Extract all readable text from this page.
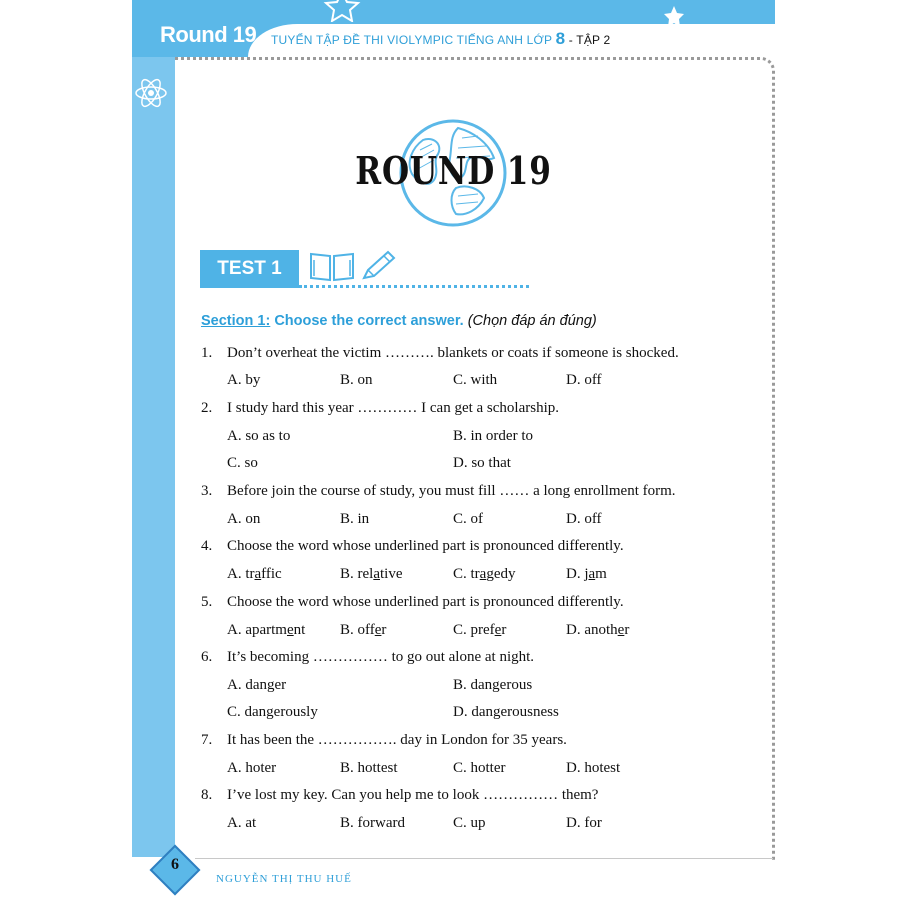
Round 19 TUYỂN TẬP ĐỀ THI VIOLYMPIC TIẾNG ANH LỚP 8 - TẬP 2
ROUND 19
TEST 1
Section 1: Choose the correct answer. (Chọn đáp án đúng)
1. Don’t overheat the victim ………. blankets or coats if someone is shocked.
A. by	B. on	C. with	D. off
2. I study hard this year ………… I can get a scholarship.
A. so as to	B. in order to
C. so	D. so that
3. Before join the course of study, you must fill …… a long enrollment form.
A. on	B. in	C. of	D. off
4. Choose the word whose underlined part is pronounced differently.
A. traffic	B. relative	C. tragedy	D. jam
5. Choose the word whose underlined part is pronounced differently.
A. apartment B. offer	C. prefer	D. another
6. It’s becoming …………… to go out alone at night.
A. danger	B. dangerous
C. dangerously	D. dangerousness
7. It has been the ……………. day in London for 35 years.
A. hoter	B. hottest	C. hotter	D. hotest
8. I’ve lost my key. Can you help me to look …………… them?
A. at	B. forward	C. up	D. for
6
NGUYỄN THỊ THU HUẾ
